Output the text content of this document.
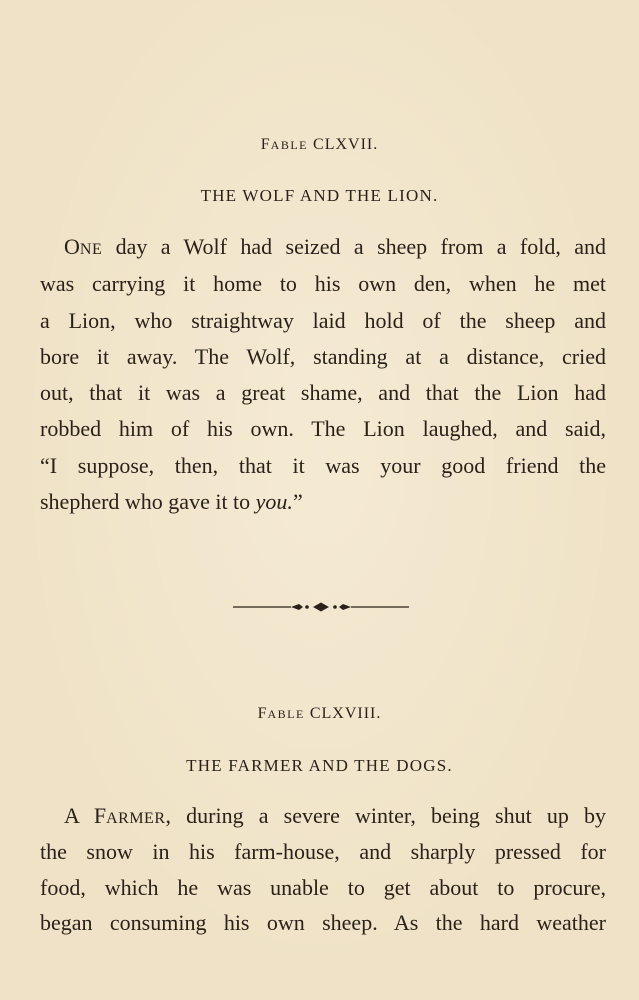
FABLE CLXVII.
THE WOLF AND THE LION.
ONE day a Wolf had seized a sheep from a fold, and
was carrying it home to his own den, when he met
a Lion, who straightway laid hold of the sheep and
bore it away. The Wolf, standing at a distance, cried
out, that it was a great shame, and that the Lion had
robbed him of his own. The Lion laughed, and said,
“I suppose, then, that it was your good friend the
shepherd who gave it to you.”
FABLE CLXVIII.
THE FARMER AND THE DOGS.
A FARMER, during a severe winter, being shut up by
the snow in his farm-house, and sharply pressed for
food, which he was unable to get about to procure,
began consuming his own sheep. As the hard weather
